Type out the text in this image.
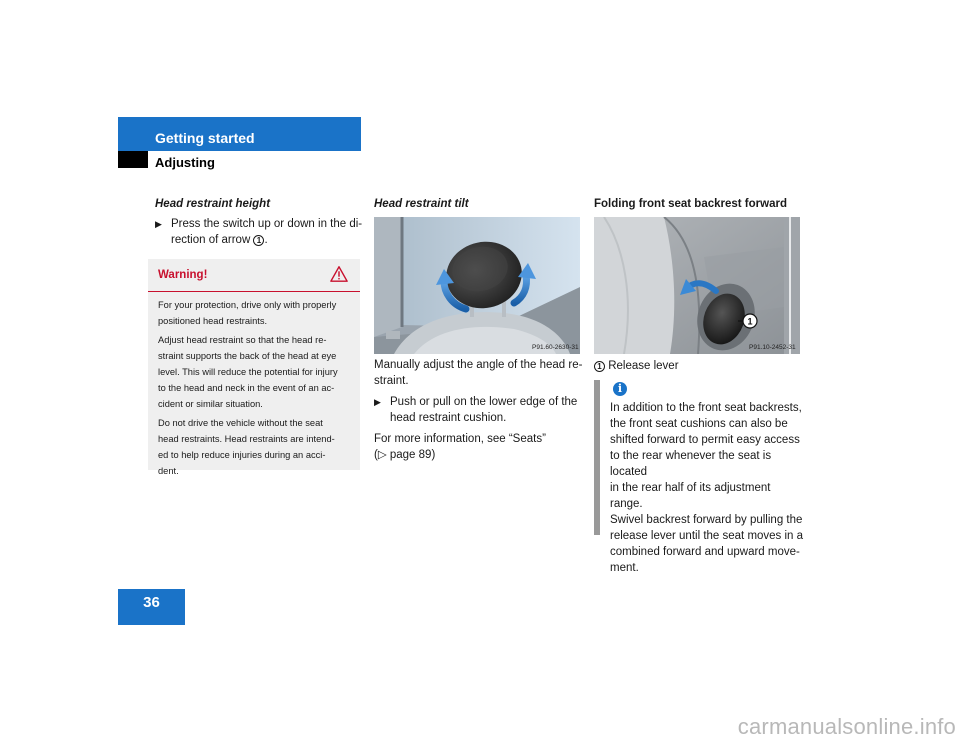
Getting started
Adjusting
Head restraint height
▶ Press the switch up or down in the di-
rection of arrow 1 .
Warning!

For your protection, drive only with properly
positioned head restraints.

Adjust head restraint so that the head re-
straint supports the back of the head at eye
level. This will reduce the potential for injury
to the head and neck in the event of an ac-
cident or similar situation.

Do not drive the vehicle without the seat
head restraints. Head restraints are intend-
ed to help reduce injuries during an acci-
dent.

Head restraint tilt
P91.60-2630-31
Manually adjust the angle of the head re-
straint.
▶ Push or pull on the lower edge of the
head restraint cushion.
For more information, see “Seats”
(▷ page 89)
Folding front seat backrest forward
1
P91.10-2452-31
1 Release lever
i
In addition to the front seat backrests,
the front seat cushions can also be
shifted forward to permit easy access
to the rear whenever the seat is located
in the rear half of its adjustment range.
Swivel backrest forward by pulling the
release lever until the seat moves in a
combined forward and upward move-
ment.
36
carmanualsonline.info
